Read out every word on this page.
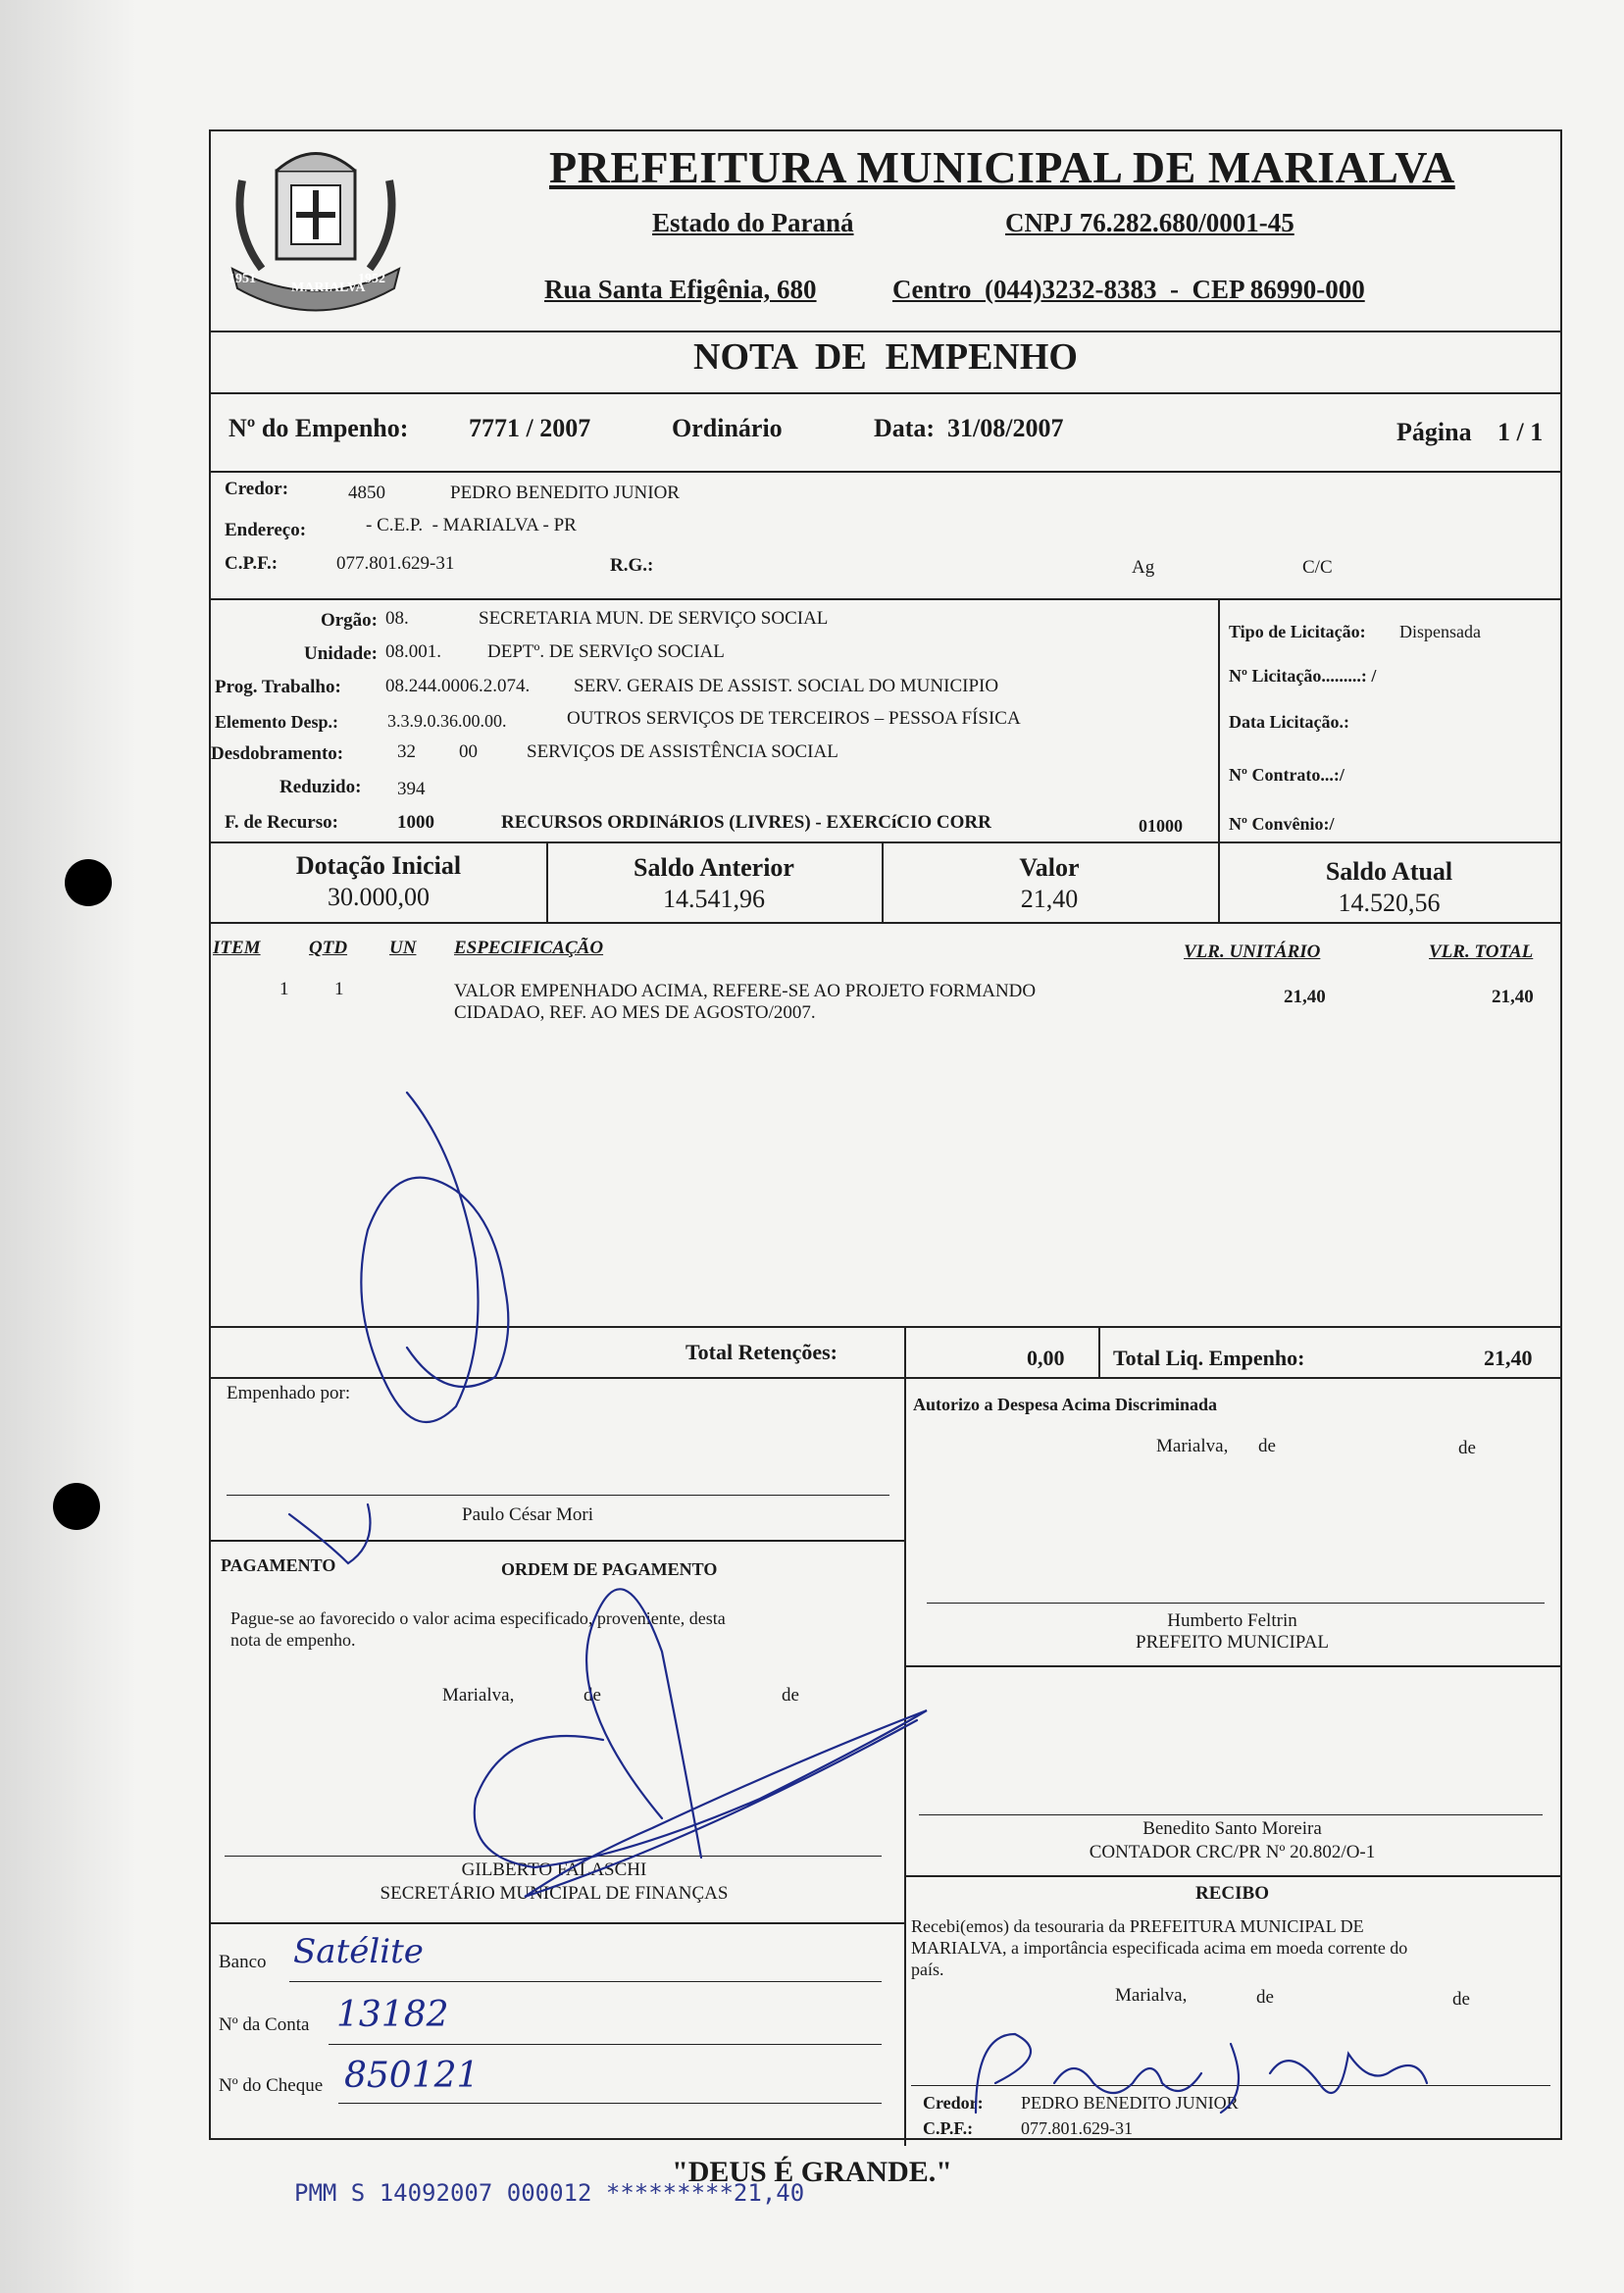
1951
MARIALVA
1952
PREFEITURA MUNICIPAL DE MARIALVA
Estado do Paraná	CNPJ 76.282.680/0001-45
Rua Santa Efigênia, 680	Centro  (044)3232-8383  -  CEP 86990-000
NOTA  DE  EMPENHO
Nº do Empenho: 7771 / 2007	Ordinário	Data: 31/08/2007	Página 1 / 1
Credor:	4850	PEDRO BENEDITO JUNIOR
Endereço:	- C.E.P.  - MARIALVA - PR
C.P.F.:	077.801.629-31	R.G.:	Ag	C/C
Orgão: 08.	SECRETARIA MUN. DE SERVIÇO SOCIAL
Unidade: 08.001. DEPTº. DE SERVIçO SOCIAL
Prog. Trabalho: 08.244.0006.2.074. SERV. GERAIS DE ASSIST. SOCIAL DO MUNICIPIO
Elemento Desp.:	3.3.9.0.36.00.00.	OUTROS SERVIÇOS DE TERCEIROS – PESSOA FÍSICA
Desdobramento:	32 00	SERVIÇOS DE ASSISTÊNCIA SOCIAL
Reduzido: 394
F. de Recurso:	1000	RECURSOS ORDINáRIOS (LIVRES) - EXERCíCIO CORR	01000
Tipo de Licitação: Dispensada
Nº Licitação.........: /
Data Licitação.:
Nº Contrato...:/
Nº Convênio:/
Dotação Inicial
30.000,00
Saldo Anterior
14.541,96
Valor
21,40
Saldo Atual
14.520,56
ITEM	QTD UN ESPECIFICAÇÃO	VLR. UNITÁRIO	VLR. TOTAL
1 1	VALOR EMPENHADO ACIMA, REFERE-SE AO PROJETO FORMANDO
CIDADAO, REF. AO MES DE AGOSTO/2007.
21,40	21,40
Total Retenções:	0,00 Total Liq. Empenho:	21,40
Empenhado por:
Paulo César Mori
PAGAMENTO	ORDEM DE PAGAMENTO
Pague-se ao favorecido o valor acima especificado, proveniente, desta
nota de empenho.
Marialva,	de	de
GILBERTO FALASCHI
SECRETÁRIO MUNICIPAL DE FINANÇAS
Banco Satélite
Nº da Conta 13182
Nº do Cheque 850121
Autorizo a Despesa Acima Discriminada
Marialva, de	de
Humberto Feltrin
PREFEITO MUNICIPAL
Benedito Santo Moreira
CONTADOR CRC/PR Nº 20.802/O-1
RECIBO
Recebi(emos) da tesouraria da PREFEITURA MUNICIPAL DE
MARIALVA, a importância especificada acima em moeda corrente do
país.
Marialva,	de	de
Credor: PEDRO BENEDITO JUNIOR
C.P.F.:	077.801.629-31
"DEUS É GRANDE."
PMM S 14092007 000012 *********21,40
